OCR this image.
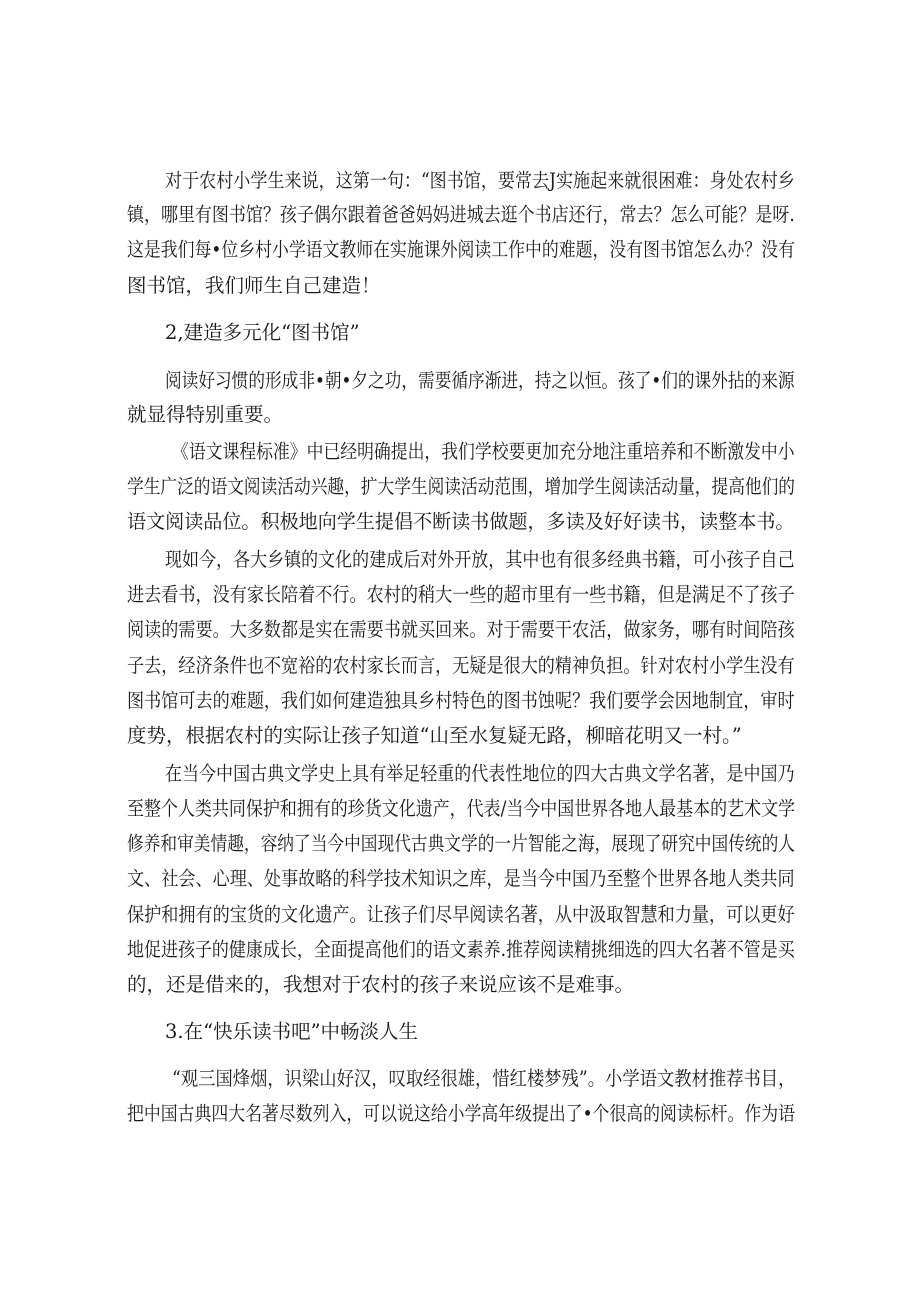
对于农村小学生来说，这第一句：“图书馆，要常去J实施起来就很困难：身处农村乡
镇，哪里有图书馆？孩子偶尔跟着爸爸妈妈进城去逛个书店还行，常去？怎么可能？是呀.
这是我们每•位乡村小学语文教师在实施课外阅读工作中的难题，没有图书馆怎么办？没有
图书馆，我们师生自己建造！
2,建造多元化“图书馆”
阅读好习惯的形成非•朝•夕之功，需要循序渐进，持之以恒。孩了•们的课外拈的来源
就显得特别重要。
《语文课程标准》中已经明确提出，我们学校要更加充分地注重培养和不断激发中小
学生广泛的语文阅读活动兴趣，扩大学生阅读活动范围，增加学生阅读活动量，提高他们的
语文阅读品位。积极地向学生提倡不断读书做题，多读及好好读书，读整本书。
现如今，各大乡镇的文化的建成后对外开放，其中也有很多经典书籍，可小孩子自己
进去看书，没有家长陪着不行。农村的稍大一些的超市里有一些书籍，但是满足不了孩子
阅读的需要。大多数都是实在需要书就买回来。对于需要干农活，做家务，哪有时间陪孩
子去，经济条件也不宽裕的农村家长而言，无疑是很大的精神负担。针对农村小学生没有
图书馆可去的难题，我们如何建造独具乡村特色的图书蚀呢？我们要学会因地制宜，审时
度势，根据农村的实际让孩子知道“山至水复疑无路，柳暗花明又一村。”
在当今中国古典文学史上具有举足轻重的代表性地位的四大古典文学名著，是中国乃
至整个人类共同保护和拥有的珍货文化遗产，代表/当今中国世界各地人最基本的艺术文学
修养和审美情趣，容纳了当今中国现代古典文学的一片智能之海，展现了研究中国传统的人
文、社会、心理、处事故略的科学技术知识之库，是当今中国乃至整个世界各地人类共同
保护和拥有的宝货的文化遗产。让孩子们尽早阅读名著，从中汲取智慧和力量，可以更好
地促进孩子的健康成长，全面提高他们的语文素养.推荐阅读精挑细选的四大名著不管是买
的，还是借来的，我想对于农村的孩子来说应该不是难事。
3.在“快乐读书吧”中畅淡人生
“观三国烽烟，识梁山好汉，叹取经很雄，惜红楼梦残”。小学语文教材推荐书目，
把中国古典四大名著尽数列入，可以说这给小学高年级提出了•个很高的阅读标杆。作为语
